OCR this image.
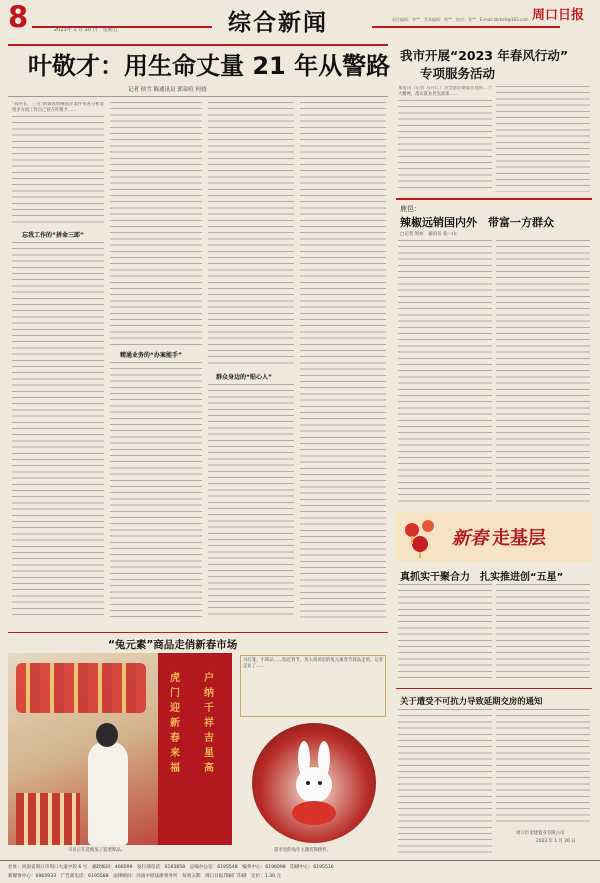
8	2023年 1 月 20 日　星期五	综合新闻	责任编辑：李**　美术编辑：宪**　校对：张**　E-mail:zkrbsh@163.com 周口日报
叶敬才：用生命丈量 21 年从警路
记者 侯雪 陈通讯员 郭泉喧 何骁
“我所长，三百”的调查组解剖开案件审查分析发现多方面工作自己曾在叶敬才……
忘我工作的“拼命三郎”
精通业务的“办案能手”
群众身边的“贴心人”
我市开展“2023 年春风行动”
专项服务活动
本报讯（记者 马月仁）为全面贯彻落实党的二十大精神，落实就业优先政策……
鹿邑：
辣椒远销国内外　带富一方群众
□记者 周亦　通讯员 张一山
新春 走基层
真抓实干聚合力　扎实推进创“五星”
关于遭受不可抗力导致延期交房的通知
周口市金建置业有限公司
2023 年 1 月 20 日
“兔元素”商品走俏新春市场
虎门迎新春来福
户纳千祥吉星高
市民正在选购兔子造型饰品。
马灯笼、小饰品……临近春节，各大商场里的兔元素春节商品走俏。记者走访了……
超市里的兔年主题装饰摆件。
社址：河南省周口市周口大道中段 6 号　邮政编码：466099　发行部电话：6183858　总编办公室：6195548　编务中心：6196098　印刷中心：6195516
新媒体中心：6960933　广告部电话：6195588　法律顾问：河南中原法律事务所　每周五期　周口日报印刷厂印刷　定价：1.30 元
